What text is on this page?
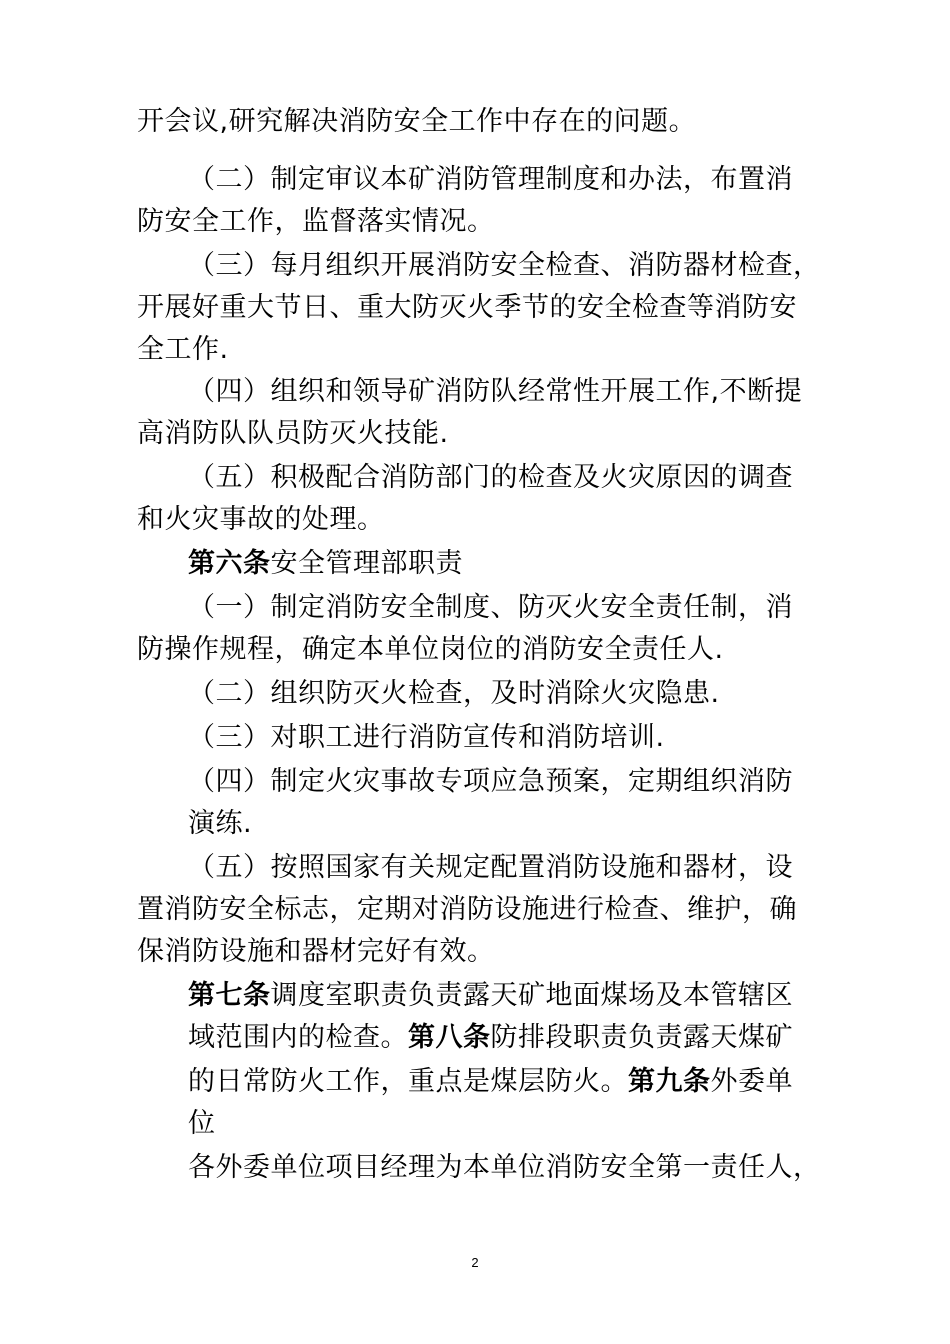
开会议,研究解决消防安全工作中存在的问题。
（二）制定审议本矿消防管理制度和办法，布置消
防安全工作，监督落实情况。
（三）每月组织开展消防安全检查、消防器材检查，
开展好重大节日、重大防灭火季节的安全检查等消防安
全工作.
（四）组织和领导矿消防队经常性开展工作,不断提
高消防队队员防灭火技能.
（五）积极配合消防部门的检查及火灾原因的调查
和火灾事故的处理。
第六条安全管理部职责
（一）制定消防安全制度、防灭火安全责任制，消
防操作规程，确定本单位岗位的消防安全责任人.
（二）组织防灭火检查，及时消除火灾隐患.
（三）对职工进行消防宣传和消防培训.
（四）制定火灾事故专项应急预案，定期组织消防
演练.
（五）按照国家有关规定配置消防设施和器材，设
置消防安全标志，定期对消防设施进行检查、维护，确
保消防设施和器材完好有效。
第七条调度室职责负责露天矿地面煤场及本管辖区
域范围内的检查。第八条防排段职责负责露天煤矿
的日常防火工作，重点是煤层防火。第九条外委单
位
各外委单位项目经理为本单位消防安全第一责任人，
2
